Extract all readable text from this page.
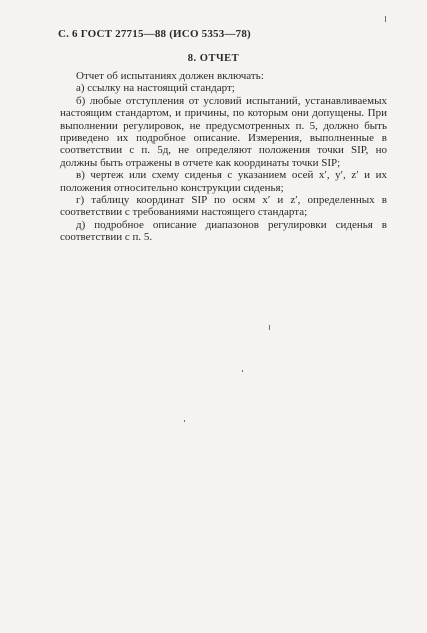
С. 6 ГОСТ 27715—88 (ИСО 5353—78)
8. ОТЧЕТ

Отчет об испытаниях должен включать:

а) ссылку на настоящий стандарт;

б) любые отступления от условий испытаний, устанавливаемых настоящим стандартом, и причины, по которым они допущены. При выполнении регулировок, не предусмотренных п. 5, должно быть приведено их подробное описание. Измерения, выполненные в соответствии с п. 5д, не определяют положения точки SIP, но должны быть отражены в отчете как координаты точки SIP;

в) чертеж или схему сиденья с указанием осей x′, y′, z′ и их положения относительно конструкции сиденья;

г) таблицу координат SIP по осям x′ и z′, определенных в соответствии с требованиями настоящего стандарта;

д) подробное описание диапазонов регулировки сиденья в соответствии с п. 5.
